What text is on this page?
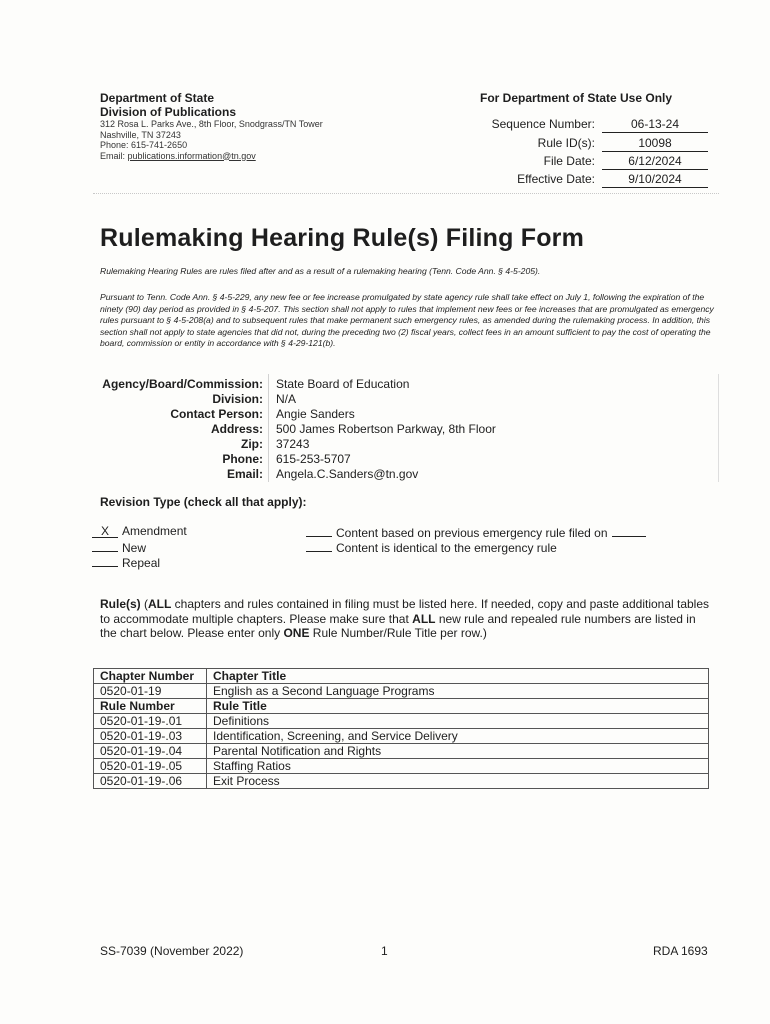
Department of State
Division of Publications
312 Rosa L. Parks Ave., 8th Floor, Snodgrass/TN Tower
Nashville, TN 37243
Phone: 615-741-2650
Email: publications.information@tn.gov
For Department of State Use Only
Sequence Number:	06-13-24
Rule ID(s):	10098
File Date:	6/12/2024
Effective Date:	9/10/2024
Rulemaking Hearing Rule(s) Filing Form
Rulemaking Hearing Rules are rules filed after and as a result of a rulemaking hearing (Tenn. Code Ann. § 4-5-205).
Pursuant to Tenn. Code Ann. § 4-5-229, any new fee or fee increase promulgated by state agency rule shall take effect on July 1, following the expiration of the ninety (90) day period as provided in § 4-5-207. This section shall not apply to rules that implement new fees or fee increases that are promulgated as emergency rules pursuant to § 4-5-208(a) and to subsequent rules that make permanent such emergency rules, as amended during the rulemaking process. In addition, this section shall not apply to state agencies that did not, during the preceding two (2) fiscal years, collect fees in an amount sufficient to pay the cost of operating the board, commission or entity in accordance with § 4-29-121(b).
Agency/Board/Commission: State Board of Education
Division: N/A
Contact Person: Angie Sanders
Address: 500 James Robertson Parkway, 8th Floor
Zip: 37243
Phone: 615-253-5707
Email: Angela.C.Sanders@tn.gov
Revision Type (check all that apply):
X Amendment
New
Repeal
Content based on previous emergency rule filed on
Content is identical to the emergency rule
Rule(s) (ALL chapters and rules contained in filing must be listed here. If needed, copy and paste additional tables to accommodate multiple chapters. Please make sure that ALL new rule and repealed rule numbers are listed in the chart below. Please enter only ONE Rule Number/Rule Title per row.)
Chapter Number	Chapter Title
0520-01-19	English as a Second Language Programs
Rule Number	Rule Title
0520-01-19-.01	Definitions
0520-01-19-.03	Identification, Screening, and Service Delivery
0520-01-19-.04	Parental Notification and Rights
0520-01-19-.05	Staffing Ratios
0520-01-19-.06	Exit Process
SS-7039 (November 2022)	1	RDA 1693
